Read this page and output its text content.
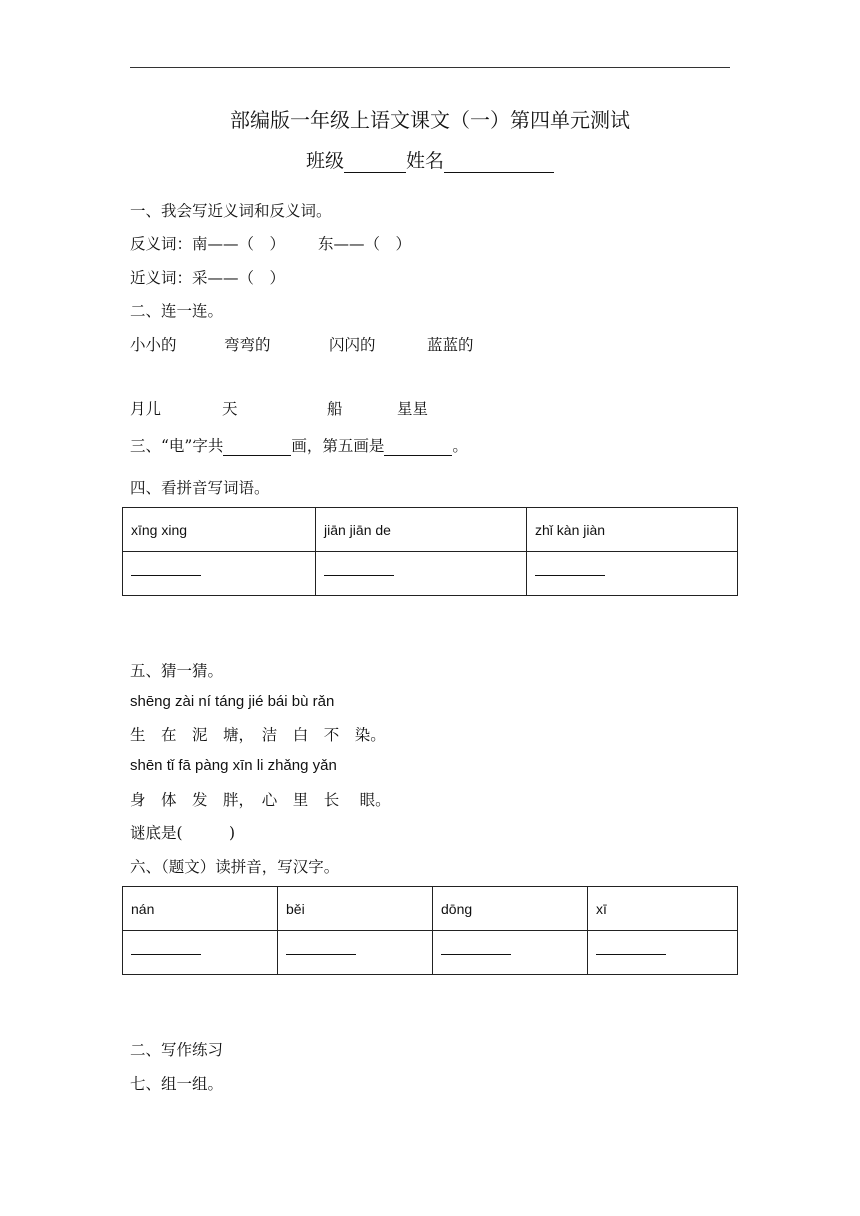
部编版一年级上语文课文（一）第四单元测试
班级	姓名
一、我会写近义词和反义词。
反义词：南——（　） 东——（　）
近义词：采——（　）
二、连一连。
小小的	弯弯的	闪闪的	蓝蓝的
月儿	天	船	星星
三、“电”字共	画，第五画是	。
四、看拼音写词语。
xīng xing	jiān jiān de	zhǐ kàn jiàn

五、猜一猜。
shēng zài ní táng jié bái bù rǎn
生　在　泥　塘，　洁　白　不　染。
shēn tǐ fā pàng xīn li zhǎng yǎn
身　体　发　胖，　心　里　长　 眼。
谜底是(　　　)
六、（题文）读拼音，写汉字。
nán	běi	dōng	xī

二、写作练习
七、组一组。
